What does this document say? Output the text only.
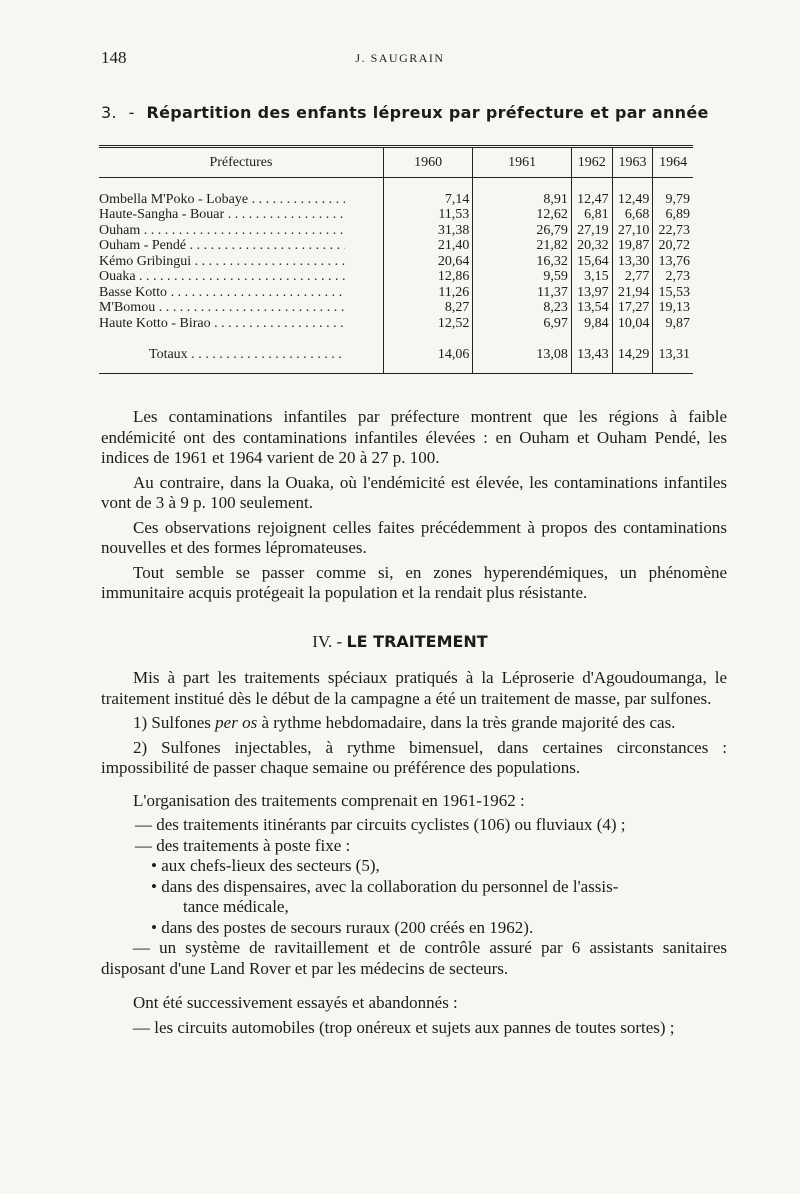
148	J. SAUGRAIN
3. - Répartition des enfants lépreux par préfecture et par année
Préfectures	1960	1961	1962	1963	1964

Ombella M'Poko - Lobaye . . .	7,14	8,91	12,47	12,49	9,79

Haute-Sangha - Bouar . . .	11,53	12,62	6,81	6,68	6,89

Ouham . . .	31,38	26,79	27,19	27,10	22,73

Ouham - Pendé . . .	21,40	21,82	20,32	19,87	20,72

Kémo Gribingui . . .	20,64	16,32	15,64	13,30	13,76

Ouaka . . .	12,86	9,59	3,15	2,77	2,73

Basse Kotto . . .	11,26	11,37	13,97	21,94	15,53

M'Bomou . . .	8,27	8,23	13,54	17,27	19,13

Haute Kotto - Birao . . .	12,52	6,97	9,84	10,04	9,87

Totaux . . .	14,06	13,08	13,43	14,29	13,31

Les contaminations infantiles par préfecture montrent que les régions à faible endémicité ont des contaminations infantiles élevées : en Ouham et Ouham Pendé, les indices de 1961 et 1964 varient de 20 à 27 p. 100.

Au contraire, dans la Ouaka, où l'endémicité est élevée, les contaminations infantiles vont de 3 à 9 p. 100 seulement.

Ces observations rejoignent celles faites précédemment à propos des contaminations nouvelles et des formes lépromateuses.

Tout semble se passer comme si, en zones hyperendémiques, un phénomène immunitaire acquis protégeait la population et la rendait plus résistante.

IV. - LE TRAITEMENT

Mis à part les traitements spéciaux pratiqués à la Léproserie d'Agoudoumanga, le traitement institué dès le début de la campagne a été un traitement de masse, par sulfones.

1) Sulfones per os à rythme hebdomadaire, dans la très grande majorité des cas.

2) Sulfones injectables, à rythme bimensuel, dans certaines circonstances : impossibilité de passer chaque semaine ou préférence des populations.

L'organisation des traitements comprenait en 1961-1962 :

— des traitements itinérants par circuits cyclistes (106) ou fluviaux (4) ;
— des traitements à poste fixe :
• aux chefs-lieux des secteurs (5),
• dans des dispensaires, avec la collaboration du personnel de l'assis-
tance médicale,
• dans des postes de secours ruraux (200 créés en 1962).

— un système de ravitaillement et de contrôle assuré par 6 assistants sanitaires disposant d'une Land Rover et par les médecins de secteurs.

Ont été successivement essayés et abandonnés :

— les circuits automobiles (trop onéreux et sujets aux pannes de toutes sortes) ;
